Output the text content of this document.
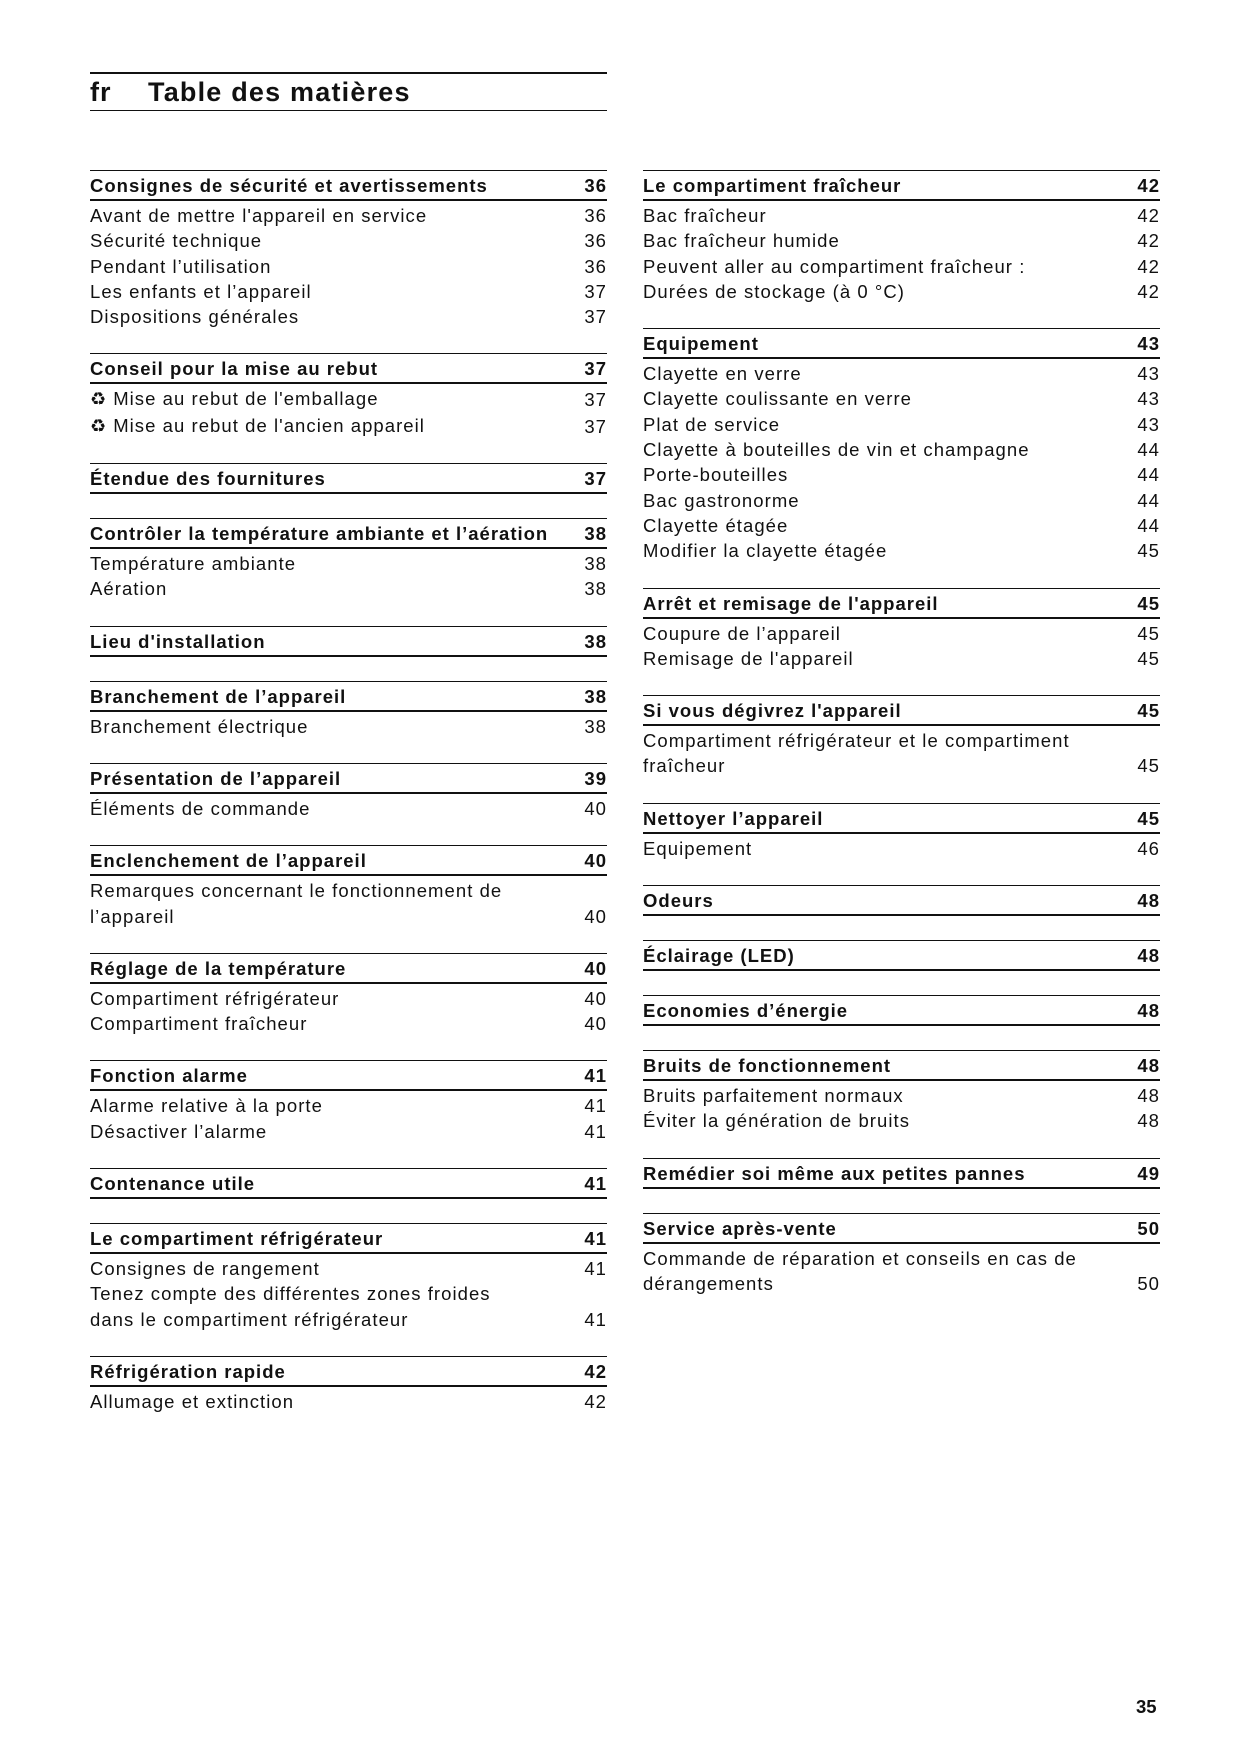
fr	Table des matières
Consignes de sécurité et avertissements	36
Avant de mettre l'appareil en service	36
Sécurité technique	36
Pendant l’utilisation	36
Les enfants et l’appareil	37
Dispositions générales	37
Conseil pour la mise au rebut	37
♻ Mise au rebut de l'emballage	37
♻ Mise au rebut de l'ancien appareil	37
Étendue des fournitures	37
Contrôler la température ambiante et l’aération	38
Température ambiante	38
Aération	38
Lieu d'installation	38
Branchement de l’appareil	38
Branchement électrique	38
Présentation de l’appareil	39
Éléments de commande	40
Enclenchement de l’appareil	40
Remarques concernant le fonctionnement de l’appareil	40
Réglage de la température	40
Compartiment réfrigérateur	40
Compartiment fraîcheur	40
Fonction alarme	41
Alarme relative à la porte	41
Désactiver l’alarme	41
Contenance utile	41
Le compartiment réfrigérateur	41
Consignes de rangement	41
Tenez compte des différentes zones froides dans le compartiment réfrigérateur	41
Réfrigération rapide	42
Allumage et extinction	42
Le compartiment fraîcheur	42
Bac fraîcheur	42
Bac fraîcheur humide	42
Peuvent aller au compartiment fraîcheur :	42
Durées de stockage (à 0 °C)	42
Equipement	43
Clayette en verre	43
Clayette coulissante en verre	43
Plat de service	43
Clayette à bouteilles de vin et champagne	44
Porte-bouteilles	44
Bac gastronorme	44
Clayette étagée	44
Modifier la clayette étagée	45
Arrêt et remisage de l'appareil	45
Coupure de l’appareil	45
Remisage de l'appareil	45
Si vous dégivrez l'appareil	45
Compartiment réfrigérateur et le compartiment fraîcheur	45
Nettoyer l’appareil	45
Equipement	46
Odeurs	48
Éclairage (LED)	48
Economies d’énergie	48
Bruits de fonctionnement	48
Bruits parfaitement normaux	48
Éviter la génération de bruits	48
Remédier soi même aux petites pannes	49
Service après-vente	50
Commande de réparation et conseils en cas de dérangements	50
35
